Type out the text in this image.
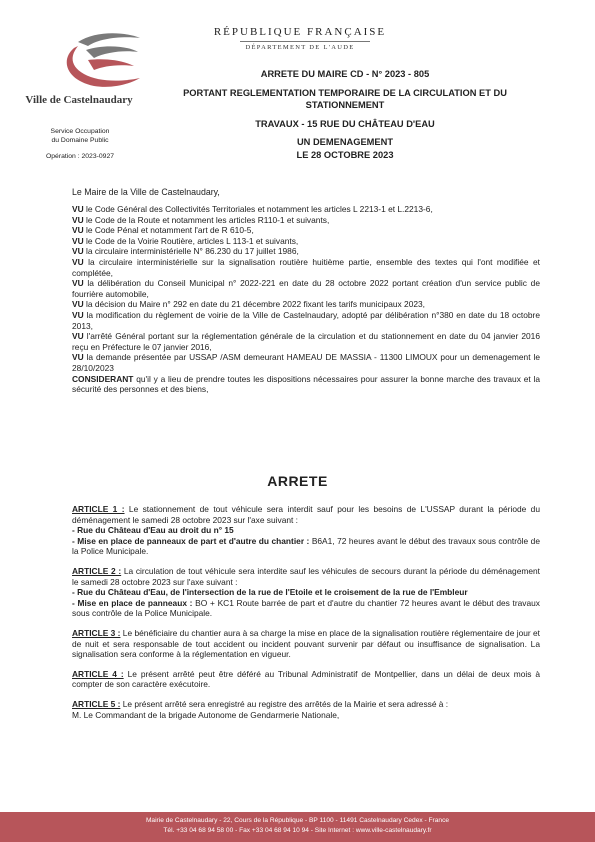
Ville de Castelnaudary
RÉPUBLIQUE FRANÇAISE
DÉPARTEMENT DE L'AUDE
Service Occupation
du Domaine Public
Opération : 2023-0927
ARRETE DU MAIRE CD - N° 2023 - 805
PORTANT REGLEMENTATION TEMPORAIRE DE LA CIRCULATION ET DU
STATIONNEMENT
TRAVAUX - 15 RUE DU CHÂTEAU D'EAU
UN DEMENAGEMENT
LE 28 OCTOBRE 2023
Le Maire de la Ville de Castelnaudary,

VU le Code Général des Collectivités Territoriales et notamment les articles L 2213-1 et L.2213-6,

VU le Code de la Route et notamment les articles R110-1 et suivants,

VU le Code Pénal et notamment l'art de R 610-5,

VU le Code de la Voirie Routière, articles L 113-1 et suivants,

VU la circulaire interministérielle N° 86.230 du 17 juillet 1986,

VU la circulaire interministérielle sur la signalisation routière huitième partie, ensemble des textes qui l'ont modifiée et complétée,

VU la délibération du Conseil Municipal n° 2022-221 en date du 28 octobre 2022 portant création d'un service public de fourrière automobile,

VU la décision du Maire n° 292 en date du 21 décembre 2022 fixant les tarifs municipaux 2023,

VU la modification du règlement de voirie de la Ville de Castelnaudary, adopté par délibération n°380 en date du 18 octobre 2013,

VU l'arrêté Général portant sur la réglementation générale de la circulation et du stationnement en date du 04 janvier 2016 reçu en Préfecture le 07 janvier 2016,

VU la demande présentée par USSAP /ASM demeurant HAMEAU DE MASSIA - 11300 LIMOUX pour un demenagement le 28/10/2023

CONSIDERANT qu'il y a lieu de prendre toutes les dispositions nécessaires pour assurer la bonne marche des travaux et la sécurité des personnes et des biens,

ARRETE

ARTICLE 1 : Le stationnement de tout véhicule sera interdit sauf pour les besoins de L'USSAP durant la période du déménagement le samedi 28 octobre 2023 sur l'axe suivant :

- Rue du Château d'Eau au droit du n° 15

- Mise en place de panneaux de part et d'autre du chantier : B6A1, 72 heures avant le début des travaux sous contrôle de la Police Municipale.

ARTICLE 2 : La circulation de tout véhicule sera interdite sauf les véhicules de secours durant la période du déménagement le samedi 28 octobre 2023 sur l'axe suivant :

- Rue du Château d'Eau, de l'intersection de la rue de l'Etoile et le croisement de la rue de l'Embleur

- Mise en place de panneaux : BO + KC1 Route barrée de part et d'autre du chantier 72 heures avant le début des travaux sous contrôle de la Police Municipale.

ARTICLE 3 : Le bénéficiaire du chantier aura à sa charge la mise en place de la signalisation routière réglementaire de jour et de nuit et sera responsable de tout accident ou incident pouvant survenir par défaut ou insuffisance de signalisation. La signalisation sera conforme à la réglementation en vigueur.

ARTICLE 4 : Le présent arrêté peut être déféré au Tribunal Administratif de Montpellier, dans un délai de deux mois à compter de son caractère exécutoire.

ARTICLE 5 : Le présent arrêté sera enregistré au registre des arrêtés de la Mairie et sera adressé à :

M. Le Commandant de la brigade Autonome de Gendarmerie Nationale,

Mairie de Castelnaudary - 22, Cours de la République - BP 1100 - 11491 Castelnaudary Cedex - France
Tél. +33 04 68 94 58 00 - Fax +33 04 68 94 10 94 - Site Internet : www.ville-castelnaudary.fr
